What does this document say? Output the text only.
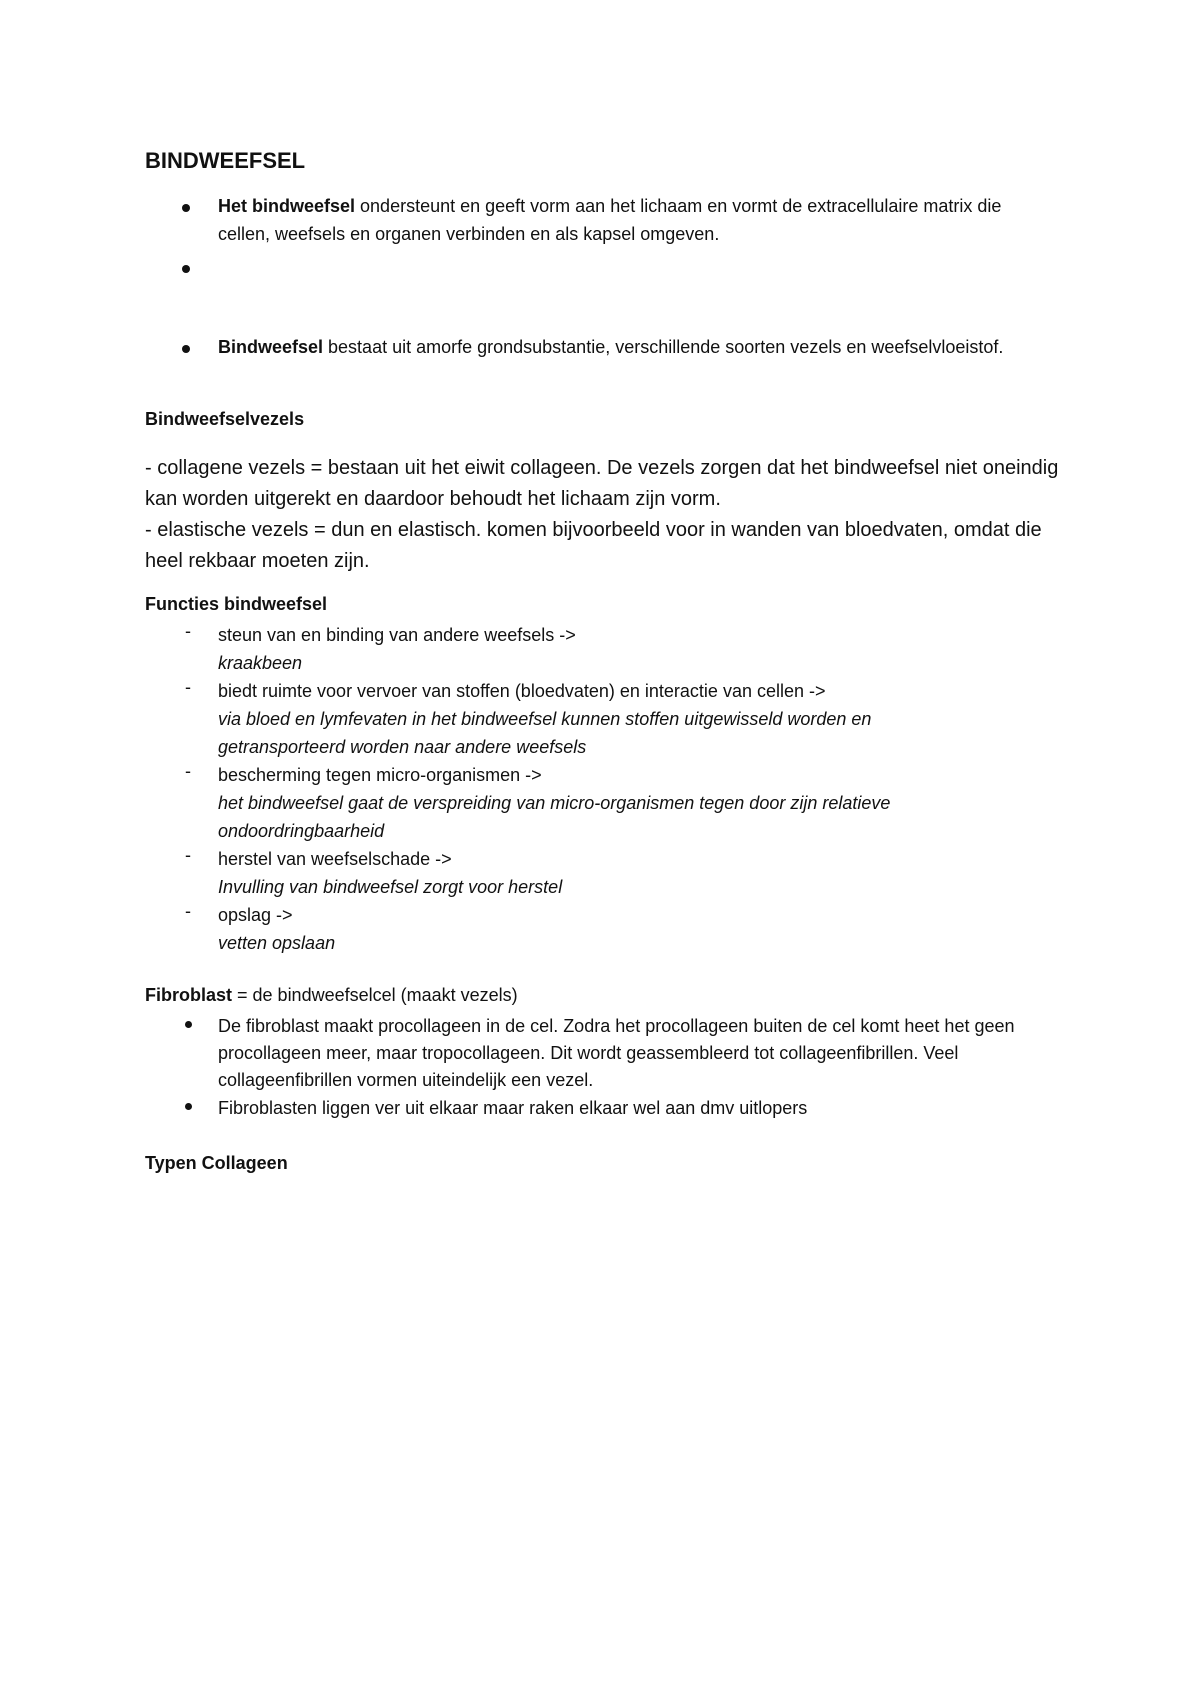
BINDWEEFSEL
Het bindweefsel ondersteunt en geeft vorm aan het lichaam en vormt de extracellulaire matrix die cellen, weefsels en organen verbinden en als kapsel omgeven.
Bindweefsel bestaat uit amorfe grondsubstantie, verschillende soorten vezels en weefselvloeistof.
Bindweefselvezels
- collagene vezels = bestaan uit het eiwit collageen. De vezels zorgen dat het bindweefsel niet oneindig kan worden uitgerekt en daardoor behoudt het lichaam zijn vorm.
- elastische vezels = dun en elastisch. komen bijvoorbeeld voor in wanden van bloedvaten, omdat die heel rekbaar moeten zijn.
Functies bindweefsel
- steun van en binding van andere weefsels ->
kraakbeen
- biedt ruimte voor vervoer van stoffen (bloedvaten) en interactie van cellen ->
via bloed en lymfevaten in het bindweefsel kunnen stoffen uitgewisseld worden en getransporteerd worden naar andere weefsels
- bescherming tegen micro-organismen ->
het bindweefsel gaat de verspreiding van micro-organismen tegen door zijn relatieve ondoordringbaarheid
- herstel van weefselschade ->
Invulling van bindweefsel zorgt voor herstel
- opslag ->
vetten opslaan
Fibroblast = de bindweefselcel (maakt vezels)
De fibroblast maakt procollageen in de cel. Zodra het procollageen buiten de cel komt heet het geen procollageen meer, maar tropocollageen. Dit wordt geassembleerd tot collageenfibrillen. Veel collageenfibrillen vormen uiteindelijk een vezel.
Fibroblasten liggen ver uit elkaar maar raken elkaar wel aan dmv uitlopers
Typen Collageen
